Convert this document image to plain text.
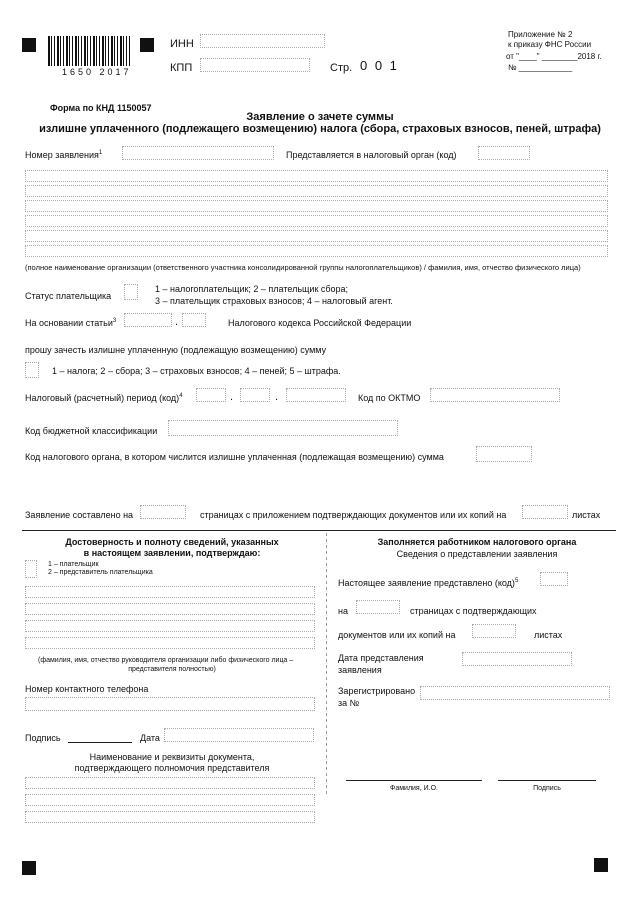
1650 2017
ИНН
КПП	Стр. 0 0 1
Приложение № 2
к приказу ФНС России
от "____" ________2018 г.
№ ____________
Форма по КНД 1150057
Заявление о зачете суммы
излишне уплаченного (подлежащего возмещению) налога (сбора, страховых взносов, пеней, штрафа)
Номер заявления$^1$	Представляется в налоговый орган (код)
(полное наименование организации (ответственного участника консолидированной группы налогоплательщиков) / фамилия, имя, отчество физического лица)
Статус плательщика
1 – налогоплательщик; 2 – плательщик сбора;
3 – плательщик страховых взносов; 4 – налоговый агент.
На основании статьи$^3$	.	Налогового кодекса Российской Федерации
прошу зачесть излишне уплаченную (подлежащую возмещению) сумму
1 – налога; 2 – сбора; 3 – страховых взносов; 4 – пеней; 5 – штрафа.
Налоговый (расчетный) период (код)$^4$	.	.	Код по ОКТМО
Код бюджетной классификации
Код налогового органа, в котором числится излишне уплаченная (подлежащая возмещению) сумма
Заявление составлено на	страницах с приложением подтверждающих документов или их копий на	листах
Достоверность и полноту сведений, указанных
в настоящем заявлении, подтверждаю:
1 – плательщик
2 – представитель плательщика
(фамилия, имя, отчество руководителя организации либо физического лица –
представителя полностью)
Номер контактного телефона
Подпись	Дата
Наименование и реквизиты документа,
подтверждающего полномочия представителя
Заполняется работником налогового органа
Сведения о представлении заявления
Настоящее заявление представлено (код)$^5$
на	страницах с подтверждающих
документов или их копий на	листах
Дата представления
заявления
Зарегистрировано
за №
Фамилия, И.О.	Подпись
